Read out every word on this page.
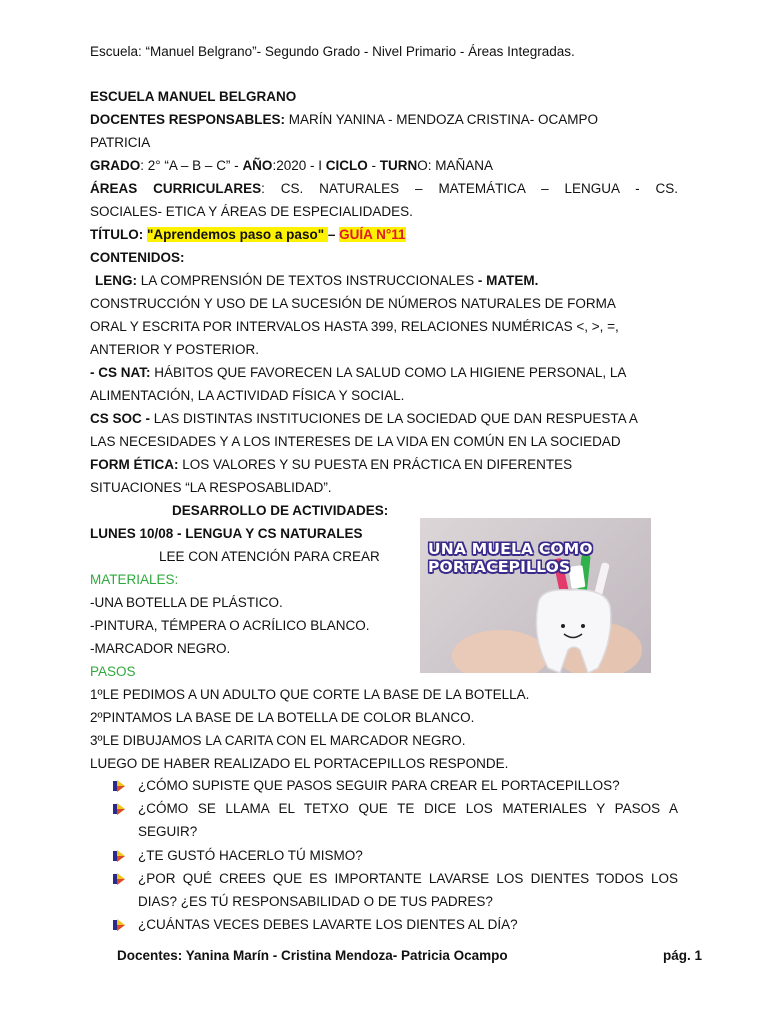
Escuela: “Manuel Belgrano”- Segundo Grado - Nivel Primario - Áreas Integradas.
ESCUELA MANUEL BELGRANO
DOCENTES RESPONSABLES: MARÍN YANINA - MENDOZA CRISTINA- OCAMPO
PATRICIA
GRADO: 2° “A – B – C” - AÑO:2020 - I CICLO - TURNO: MAÑANA
ÁREAS CURRICULARES: CS. NATURALES – MATEMÁTICA – LENGUA - CS.
SOCIALES- ETICA Y ÁREAS DE ESPECIALIDADES.
TÍTULO: "Aprendemos paso a paso" – GUÍA N°11
CONTENIDOS:
LENG: LA COMPRENSIÓN DE TEXTOS INSTRUCCIONALES - MATEM.
CONSTRUCCIÓN Y USO DE LA SUCESIÓN DE NÚMEROS NATURALES DE FORMA
ORAL Y ESCRITA POR INTERVALOS HASTA 399, RELACIONES NUMÉRICAS <, >, =,
ANTERIOR Y POSTERIOR.
- CS NAT: HÁBITOS QUE FAVORECEN LA SALUD COMO LA HIGIENE PERSONAL, LA
ALIMENTACIÓN, LA ACTIVIDAD FÍSICA Y SOCIAL.
CS SOC - LAS DISTINTAS INSTITUCIONES DE LA SOCIEDAD QUE DAN RESPUESTA A
LAS NECESIDADES Y A LOS INTERESES DE LA VIDA EN COMÚN EN LA SOCIEDAD
FORM ÉTICA: LOS VALORES Y SU PUESTA EN PRÁCTICA EN DIFERENTES
SITUACIONES “LA RESPOSABLIDAD”.
DESARROLLO DE ACTIVIDADES:
LUNES 10/08 - LENGUA Y CS NATURALES
LEE CON ATENCIÓN PARA CREAR
MATERIALES:
-UNA BOTELLA DE PLÁSTICO.
-PINTURA, TÉMPERA O ACRÍLICO BLANCO.
-MARCADOR NEGRO.
PASOS
1ºLE PEDIMOS A UN ADULTO QUE CORTE LA BASE DE LA BOTELLA.
2ºPINTAMOS LA BASE DE LA BOTELLA DE COLOR BLANCO.
3ºLE DIBUJAMOS LA CARITA CON EL MARCADOR NEGRO.
LUEGO DE HABER REALIZADO EL PORTACEPILLOS RESPONDE.
¿CÓMO SUPISTE QUE PASOS SEGUIR PARA CREAR EL PORTACEPILLOS?
¿CÓMO SE LLAMA EL TETXO QUE TE DICE LOS MATERIALES Y PASOS A
SEGUIR?
¿TE GUSTÓ HACERLO TÚ MISMO?
¿POR QUÉ CREES QUE ES IMPORTANTE LAVARSE LOS DIENTES TODOS LOS
DIAS? ¿ES TÚ RESPONSABILIDAD O DE TUS PADRES?
¿CUÁNTAS VECES DEBES LAVARTE LOS DIENTES AL DÍA?
UNA MUELA COMO
PORTACEPILLOS
Docentes: Yanina Marín - Cristina Mendoza- Patricia Ocampo	pág. 1
